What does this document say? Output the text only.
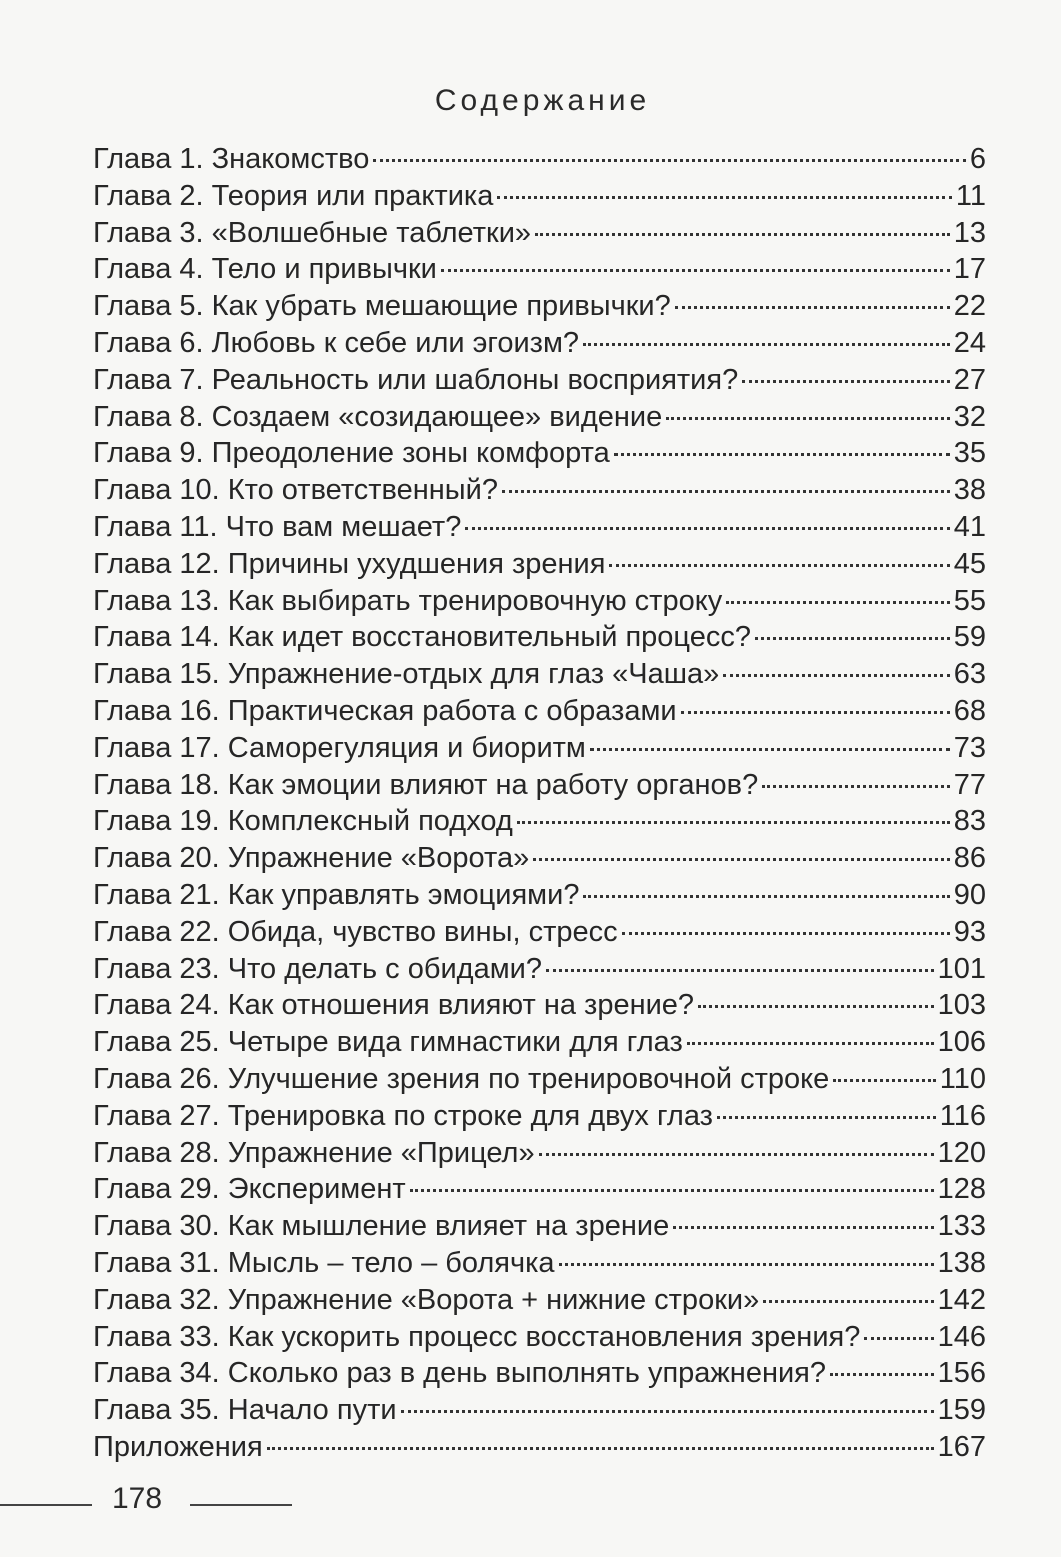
Содержание
Глава 1. Знакомство	6
Глава 2. Теория или практика	11
Глава 3. «Волшебные таблетки»	13
Глава 4. Тело и привычки	17
Глава 5. Как убрать мешающие привычки?	22
Глава 6. Любовь к себе или эгоизм?	24
Глава 7. Реальность или шаблоны восприятия?	27
Глава 8. Создаем «созидающее» видение	32
Глава 9. Преодоление зоны комфорта	35
Глава 10. Кто ответственный?	38
Глава 11. Что вам мешает?	41
Глава 12. Причины ухудшения зрения	45
Глава 13. Как выбирать тренировочную строку	55
Глава 14. Как идет восстановительный процесс?	59
Глава 15. Упражнение-отдых для глаз «Чаша»	63
Глава 16. Практическая работа с образами	68
Глава 17. Саморегуляция и биоритм	73
Глава 18. Как эмоции влияют на работу органов?	77
Глава 19. Комплексный подход	83
Глава 20. Упражнение «Ворота»	86
Глава 21. Как управлять эмоциями?	90
Глава 22. Обида, чувство вины, стресс	93
Глава 23. Что делать с обидами?	101
Глава 24. Как отношения влияют на зрение?	103
Глава 25. Четыре вида гимнастики для глаз	106
Глава 26. Улучшение зрения по тренировочной строке	110
Глава 27. Тренировка по строке для двух глаз	116
Глава 28. Упражнение «Прицел»	120
Глава 29. Эксперимент	128
Глава 30. Как мышление влияет на зрение	133
Глава 31. Мысль – тело – болячка	138
Глава 32. Упражнение «Ворота + нижние строки»	142
Глава 33. Как ускорить процесс восстановления зрения?	146
Глава 34. Сколько раз в день выполнять упражнения?	156
Глава 35. Начало пути	159
Приложения	167
178
